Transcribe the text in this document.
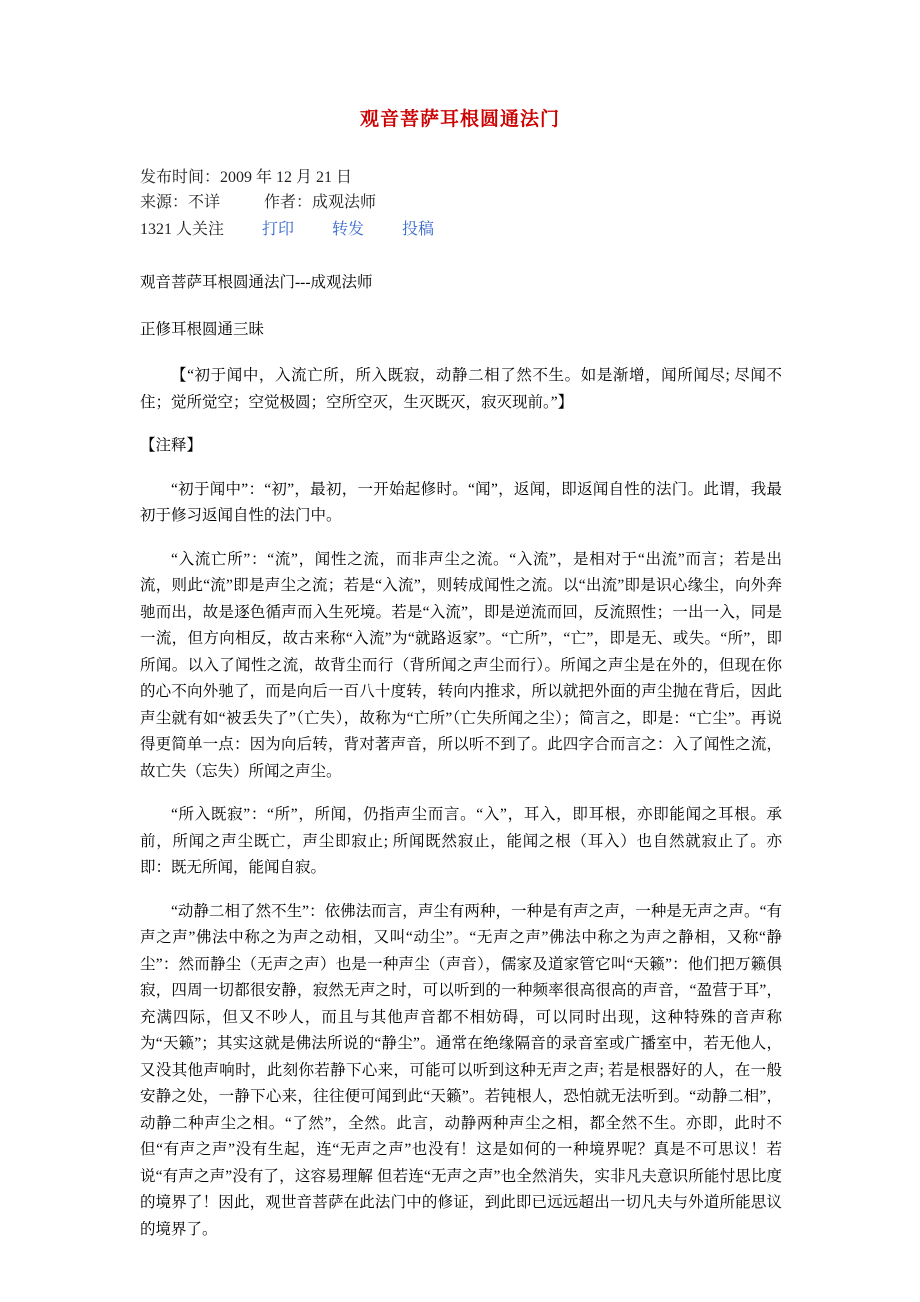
观音菩萨耳根圆通法门
发布时间：2009 年 12 月 21 日
来源：不详	作者：成观法师
1321 人关注 打印 转发 投稿

观音菩萨耳根圆通法门---成观法师

正修耳根圆通三昧

【“初于闻中，入流亡所，所入既寂，动静二相了然不生。如是渐增，闻所闻尽; 尽闻不住；觉所觉空；空觉极圆；空所空灭，生灭既灭，寂灭现前。”】

【注释】

“初于闻中”：“初”，最初，一开始起修时。“闻”，返闻，即返闻自性的法门。此谓，我最初于修习返闻自性的法门中。

“入流亡所”：“流”，闻性之流，而非声尘之流。“入流”，是相对于“出流”而言；若是出流，则此“流”即是声尘之流；若是“入流”，则转成闻性之流。以“出流”即是识心缘尘，向外奔驰而出，故是逐色循声而入生死境。若是“入流”，即是逆流而回，反流照性；一出一入，同是一流，但方向相反，故古来称“入流”为“就路返家”。“亡所”，“亡”，即是无、或失。“所”，即所闻。以入了闻性之流，故背尘而行（背所闻之声尘而行）。所闻之声尘是在外的，但现在你的心不向外驰了，而是向后一百八十度转，转向内推求，所以就把外面的声尘抛在背后，因此声尘就有如“被丢失了”（亡失），故称为“亡所”（亡失所闻之尘）；简言之，即是：“亡尘”。再说得更简单一点：因为向后转，背对著声音，所以听不到了。此四字合而言之：入了闻性之流，故亡失（忘失）所闻之声尘。

“所入既寂”：“所”，所闻，仍指声尘而言。“入”，耳入，即耳根，亦即能闻之耳根。承前，所闻之声尘既亡，声尘即寂止; 所闻既然寂止，能闻之根（耳入）也自然就寂止了。亦即：既无所闻，能闻自寂。

“动静二相了然不生”：依佛法而言，声尘有两种，一种是有声之声，一种是无声之声。“有声之声”佛法中称之为声之动相，又叫“动尘”。“无声之声”佛法中称之为声之静相，又称“静尘”：然而静尘（无声之声）也是一种声尘（声音），儒家及道家管它叫“天籁”：他们把万籁俱寂，四周一切都很安静，寂然无声之时，可以听到的一种频率很高很高的声音，“盈营于耳”，充满四际，但又不吵人，而且与其他声音都不相妨碍，可以同时出现，这种特殊的音声称为“天籁”；其实这就是佛法所说的“静尘”。通常在绝缘隔音的录音室或广播室中，若无他人，又没其他声响时，此刻你若静下心来，可能可以听到这种无声之声; 若是根器好的人，在一般安静之处，一静下心来，往往便可闻到此“天籁”。若钝根人，恐怕就无法听到。“动静二相”，动静二种声尘之相。“了然”，全然。此言，动静两种声尘之相，都全然不生。亦即，此时不但“有声之声”没有生起，连“无声之声”也没有！这是如何的一种境界呢？真是不可思议！若说“有声之声”没有了，这容易理解 但若连“无声之声”也全然消失，实非凡夫意识所能忖思比度的境界了！因此，观世音菩萨在此法门中的修证，到此即已远远超出一切凡夫与外道所能思议的境界了。
